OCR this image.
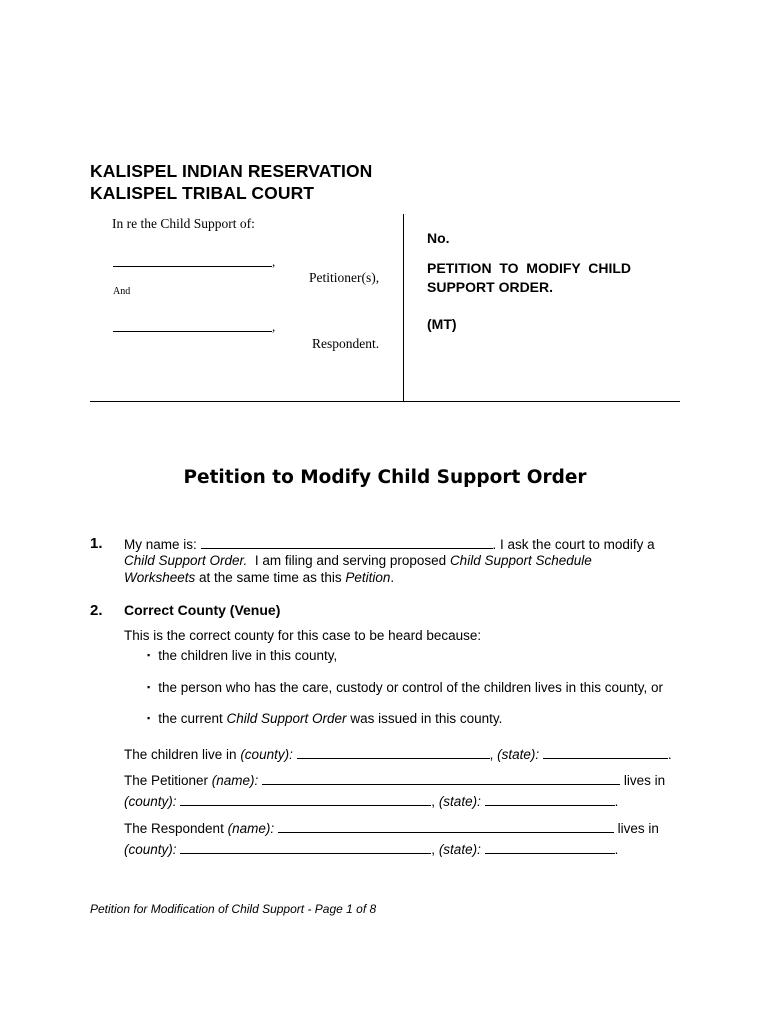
KALISPEL INDIAN RESERVATION
KALISPEL TRIBAL COURT
In re the Child Support of:
,
Petitioner(s),
And
,
Respondent.
No.
PETITION  TO  MODIFY  CHILD
SUPPORT ORDER.
(MT)
Petition to Modify Child Support Order
1. My name is:	. I ask the court to modify a
Child Support Order.  I am filing and serving proposed Child Support Schedule
Worksheets at the same time as this Petition.
2. Correct County (Venue)
This is the correct county for this case to be heard because:
▪ the children live in this county,
▪ the person who has the care, custody or control of the children lives in this county, or
▪ the current Child Support Order was issued in this county.
The children live in (county):	, (state):	.
The Petitioner (name):	lives in
(county):	, (state):	.
The Respondent (name):	lives in
(county):	, (state):	.
Petition for Modification of Child Support - Page 1 of 8
